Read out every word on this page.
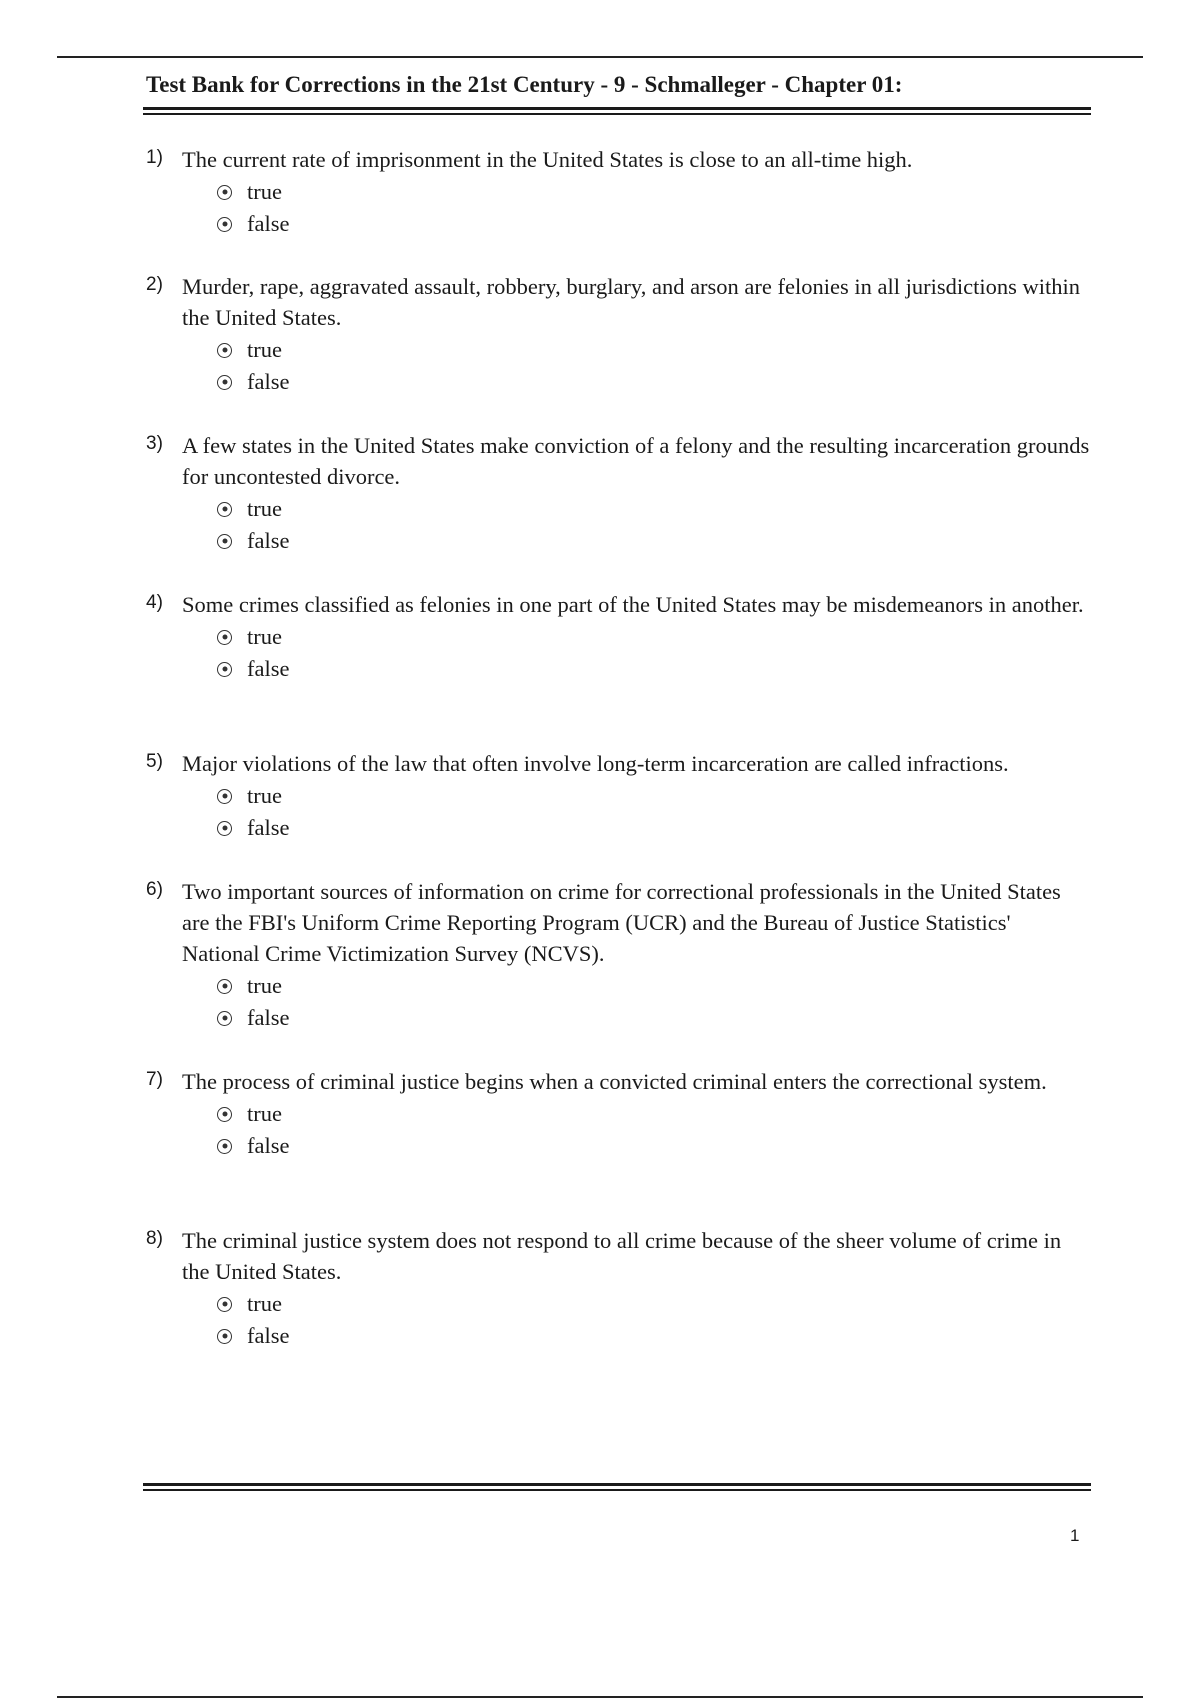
Test Bank for Corrections in the 21st Century - 9 - Schmalleger - Chapter 01:
1) The current rate of imprisonment in the United States is close to an all-time high.
true
false
2) Murder, rape, aggravated assault, robbery, burglary, and arson are felonies in all jurisdictions within the United States.
true
false
3) A few states in the United States make conviction of a felony and the resulting incarceration grounds for uncontested divorce.
true
false
4) Some crimes classified as felonies in one part of the United States may be misdemeanors in another.
true
false
5) Major violations of the law that often involve long-term incarceration are called infractions.
true
false
6) Two important sources of information on crime for correctional professionals in the United States are the FBI's Uniform Crime Reporting Program (UCR) and the Bureau of Justice Statistics' National Crime Victimization Survey (NCVS).
true
false
7) The process of criminal justice begins when a convicted criminal enters the correctional system.
true
false
8) The criminal justice system does not respond to all crime because of the sheer volume of crime in the United States.
true
false
1
